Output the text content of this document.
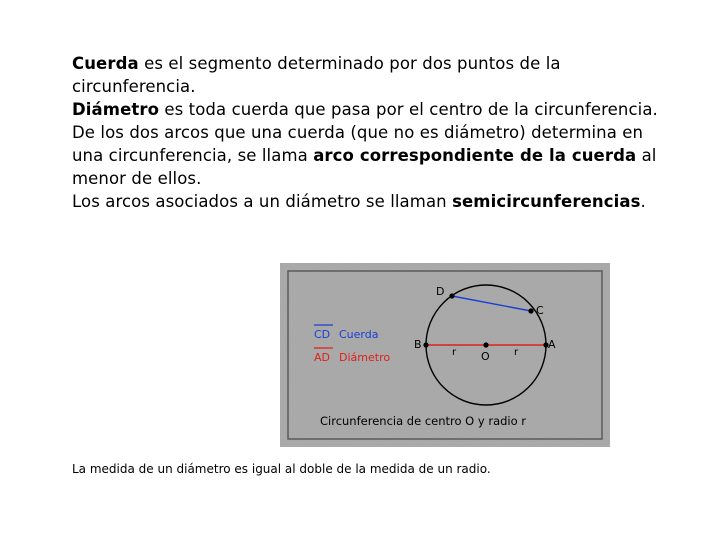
Cuerda es el segmento determinado por dos puntos de la circunferencia.

Diámetro es toda cuerda que pasa por el centro de la circunferencia.

De los dos arcos que una cuerda (que no es diámetro) determina en una circunferencia, se llama arco correspondiente de la cuerda al menor de ellos.

Los arcos asociados a un diámetro se llaman semicircunferencias.

D
C
B	A
O
r	r
CD Cuerda
AD Diámetro
Circunferencia de centro O y radio r
La medida de un diámetro es igual al doble de la medida de un radio.
